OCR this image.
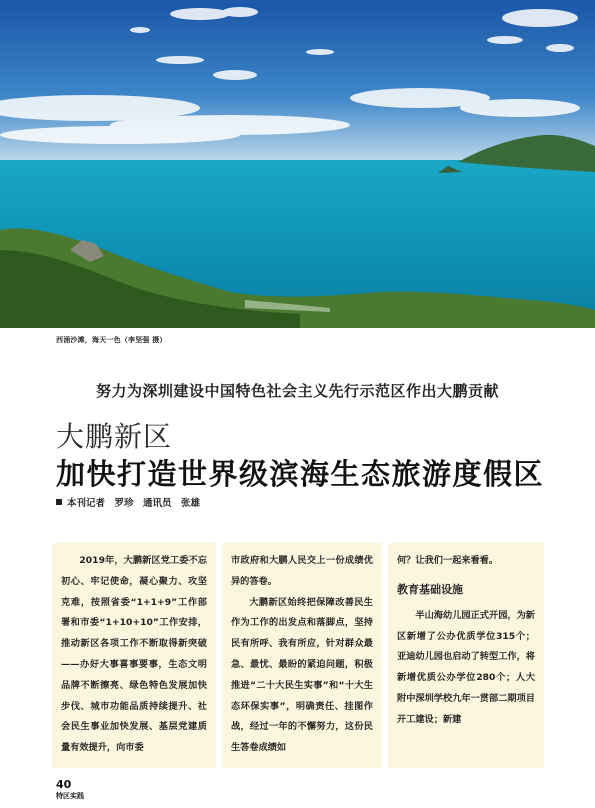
西涌沙滩，海天一色（李坚强 摄）
努力为深圳建设中国特色社会主义先行示范区作出大鹏贡献
大鹏新区
加快打造世界级滨海生态旅游度假区
本刊记者　罗珍　通讯员　张雄

2019年，大鹏新区党工委不忘初心、牢记使命，凝心聚力、攻坚克难，按照省委“1+1+9”工作部署和市委“1+10+10”工作安排，推动新区各项工作不断取得新突破——办好大事喜事要事，生态文明品牌不断擦亮、绿色特色发展加快步伐、城市功能品质持续提升、社会民生事业加快发展、基层党建质量有效提升，向市委

市政府和大鹏人民交上一份成绩优异的答卷。

大鹏新区始终把保障改善民生作为工作的出发点和落脚点，坚持民有所呼、我有所应，针对群众最急、最忧、最盼的紧迫问题，积极推进“二十大民生实事”和“十大生态环保实事”，明确责任、挂图作战，经过一年的不懈努力，这份民生答卷成绩如

何？让我们一起来看看。

教育基础设施

半山海幼儿园正式开园，为新区新增了公办优质学位315个；亚迪幼儿园也启动了转型工作，将新增优质公办学位280个；人大附中深圳学校九年一贯部二期项目开工建设；新建

40
特区实践
